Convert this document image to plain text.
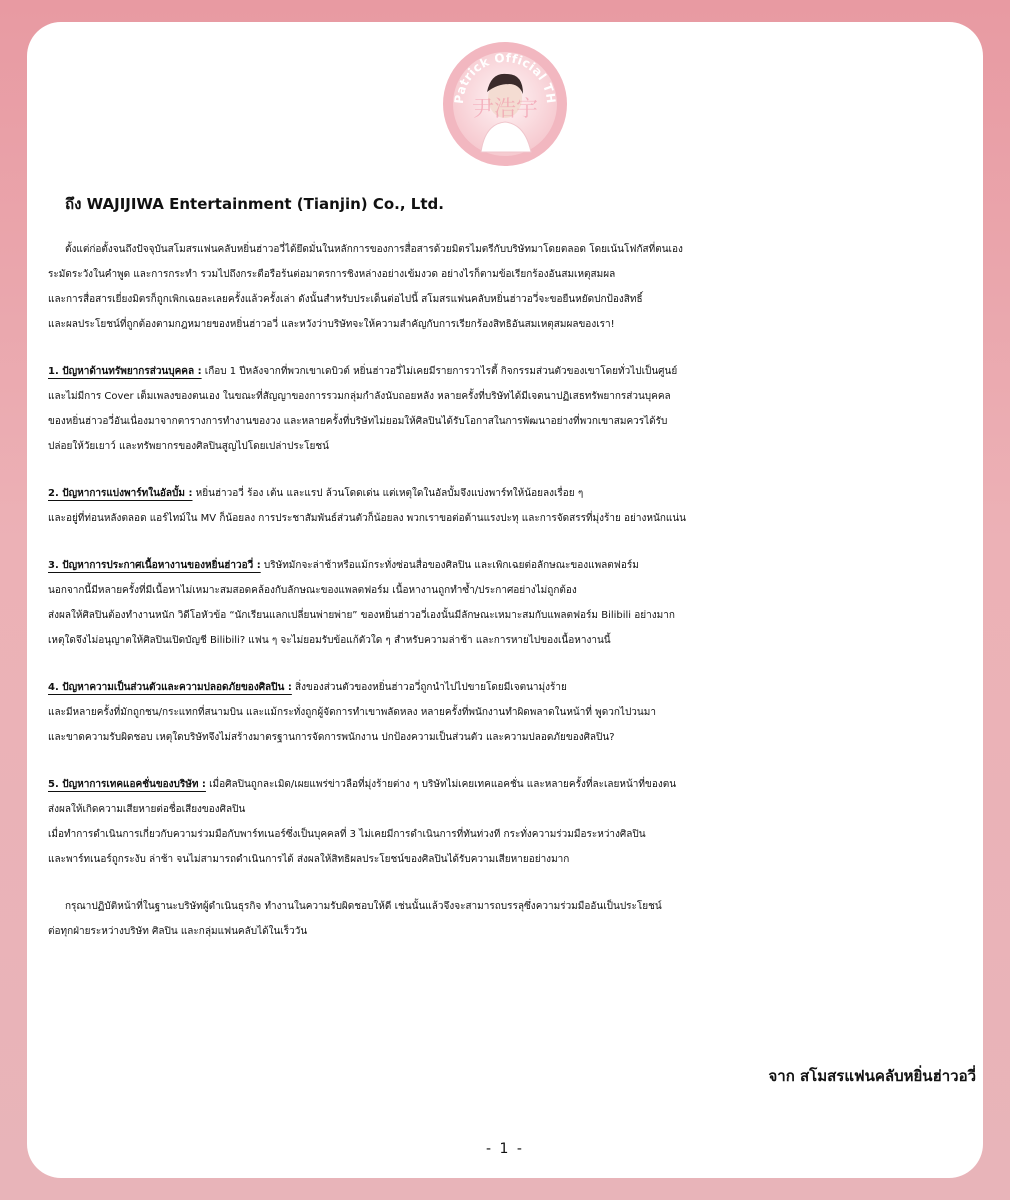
尹浩宇
Patrick Official TH
ถึง WAJIJIWA Entertainment (Tianjin) Co., Ltd.
ตั้งแต่ก่อตั้งจนถึงปัจจุบันสโมสรแฟนคลับหยิ่นฮ่าวอวี่ได้ยึดมั่นในหลักการของการสื่อสารด้วยมิตรไมตรีกับบริษัทมาโดยตลอด โดยเน้นโฟกัสที่ตนเอง
ระมัดระวังในคำพูด และการกระทำ รวมไปถึงกระตือรือร้นต่อมาตรการชิงหล่างอย่างเข้มงวด อย่างไรก็ตามข้อเรียกร้องอันสมเหตุสมผล
และการสื่อสารเยี่ยงมิตรก็ถูกเพิกเฉยละเลยครั้งแล้วครั้งเล่า ดังนั้นสำหรับประเด็นต่อไปนี้ สโมสรแฟนคลับหยิ่นฮ่าวอวี่จะขอยืนหยัดปกป้องสิทธิ์
และผลประโยชน์ที่ถูกต้องตามกฎหมายของหยิ่นฮ่าวอวี่ และหวังว่าบริษัทจะให้ความสำคัญกับการเรียกร้องสิทธิอันสมเหตุสมผลของเรา!
1. ปัญหาด้านทรัพยากรส่วนบุคคล : เกือบ 1 ปีหลังจากที่พวกเขาเดบิวต์ หยิ่นฮ่าวอวี่ไม่เคยมีรายการวาไรตี้ กิจกรรมส่วนตัวของเขาโดยทั่วไปเป็นศูนย์
และไม่มีการ Cover เต็มเพลงของตนเอง ในขณะที่สัญญาของการรวมกลุ่มกำลังนับถอยหลัง หลายครั้งที่บริษัทได้มีเจตนาปฏิเสธทรัพยากรส่วนบุคคล
ของหยิ่นฮ่าวอวี่อันเนื่องมาจากตารางการทำงานของวง และหลายครั้งที่บริษัทไม่ยอมให้ศิลปินได้รับโอกาสในการพัฒนาอย่างที่พวกเขาสมควรได้รับ
ปล่อยให้วัยเยาว์ และทรัพยากรของศิลปินสูญไปโดยเปล่าประโยชน์
2. ปัญหาการแบ่งพาร์ทในอัลบั้ม : หยิ่นฮ่าวอวี่ ร้อง เต้น และแรป ล้วนโดดเด่น แต่เหตุใดในอัลบั้มจึงแบ่งพาร์ทให้น้อยลงเรื่อย ๆ
และอยู่ที่ท่อนหลังตลอด แอร์ไทม์ใน MV ก็น้อยลง การประชาสัมพันธ์ส่วนตัวก็น้อยลง พวกเราขอต่อต้านแรงปะทุ และการจัดสรรที่มุ่งร้าย อย่างหนักแน่น
3. ปัญหาการประกาศเนื้อหางานของหยิ่นฮ่าวอวี่ : บริษัทมักจะล่าช้าหรือแม้กระทั่งซ่อนสื่อของศิลปิน และเพิกเฉยต่อลักษณะของแพลตฟอร์ม
นอกจากนี้มีหลายครั้งที่มีเนื้อหาไม่เหมาะสมสอดคล้องกับลักษณะของแพลตฟอร์ม เนื้อหางานถูกทำซ้ำ/ประกาศอย่างไม่ถูกต้อง
ส่งผลให้ศิลปินต้องทำงานหนัก วิดีโอหัวข้อ “นักเรียนแลกเปลี่ยนพ่ายพ่าย” ของหยิ่นฮ่าวอวี่เองนั้นมีลักษณะเหมาะสมกับแพลตฟอร์ม Bilibili อย่างมาก
เหตุใดจึงไม่อนุญาตให้ศิลปินเปิดบัญชี Bilibili? แฟน ๆ จะไม่ยอมรับข้อแก้ตัวใด ๆ สำหรับความล่าช้า และการหายไปของเนื้อหางานนี้
4. ปัญหาความเป็นส่วนตัวและความปลอดภัยของศิลปิน : สิ่งของส่วนตัวของหยิ่นฮ่าวอวี่ถูกนำไปไปขายโดยมีเจตนามุ่งร้าย
และมีหลายครั้งที่มักถูกชน/กระแทกที่สนามบิน และแม้กระทั่งถูกผู้จัดการทำเขาพลัดหลง หลายครั้งที่พนักงานทำผิดพลาดในหน้าที่ พูดวกไปวนมา
และขาดความรับผิดชอบ เหตุใดบริษัทจึงไม่สร้างมาตรฐานการจัดการพนักงาน ปกป้องความเป็นส่วนตัว และความปลอดภัยของศิลปิน?
5. ปัญหาการเทคแอคชั่นของบริษัท : เมื่อศิลปินถูกละเมิด/เผยแพร่ข่าวลือที่มุ่งร้ายต่าง ๆ บริษัทไม่เคยเทคแอคชั่น และหลายครั้งที่ละเลยหน้าที่ของตน
ส่งผลให้เกิดความเสียหายต่อชื่อเสียงของศิลปิน
เมื่อทำการดำเนินการเกี่ยวกับความร่วมมือกับพาร์ทเนอร์ซึ่งเป็นบุคคลที่ 3 ไม่เคยมีการดำเนินการที่ทันท่วงที กระทั่งความร่วมมือระหว่างศิลปิน
และพาร์ทเนอร์ถูกระงับ ล่าช้า จนไม่สามารถดำเนินการได้ ส่งผลให้สิทธิผลประโยชน์ของศิลปินได้รับความเสียหายอย่างมาก
กรุณาปฏิบัติหน้าที่ในฐานะบริษัทผู้ดำเนินธุรกิจ ทำงานในความรับผิดชอบให้ดี เช่นนั้นแล้วจึงจะสามารถบรรลุซึ่งความร่วมมืออันเป็นประโยชน์
ต่อทุกฝ่ายระหว่างบริษัท ศิลปิน และกลุ่มแฟนคลับได้ในเร็ววัน
จาก สโมสรแฟนคลับหยิ่นฮ่าวอวี่
- 1 -
